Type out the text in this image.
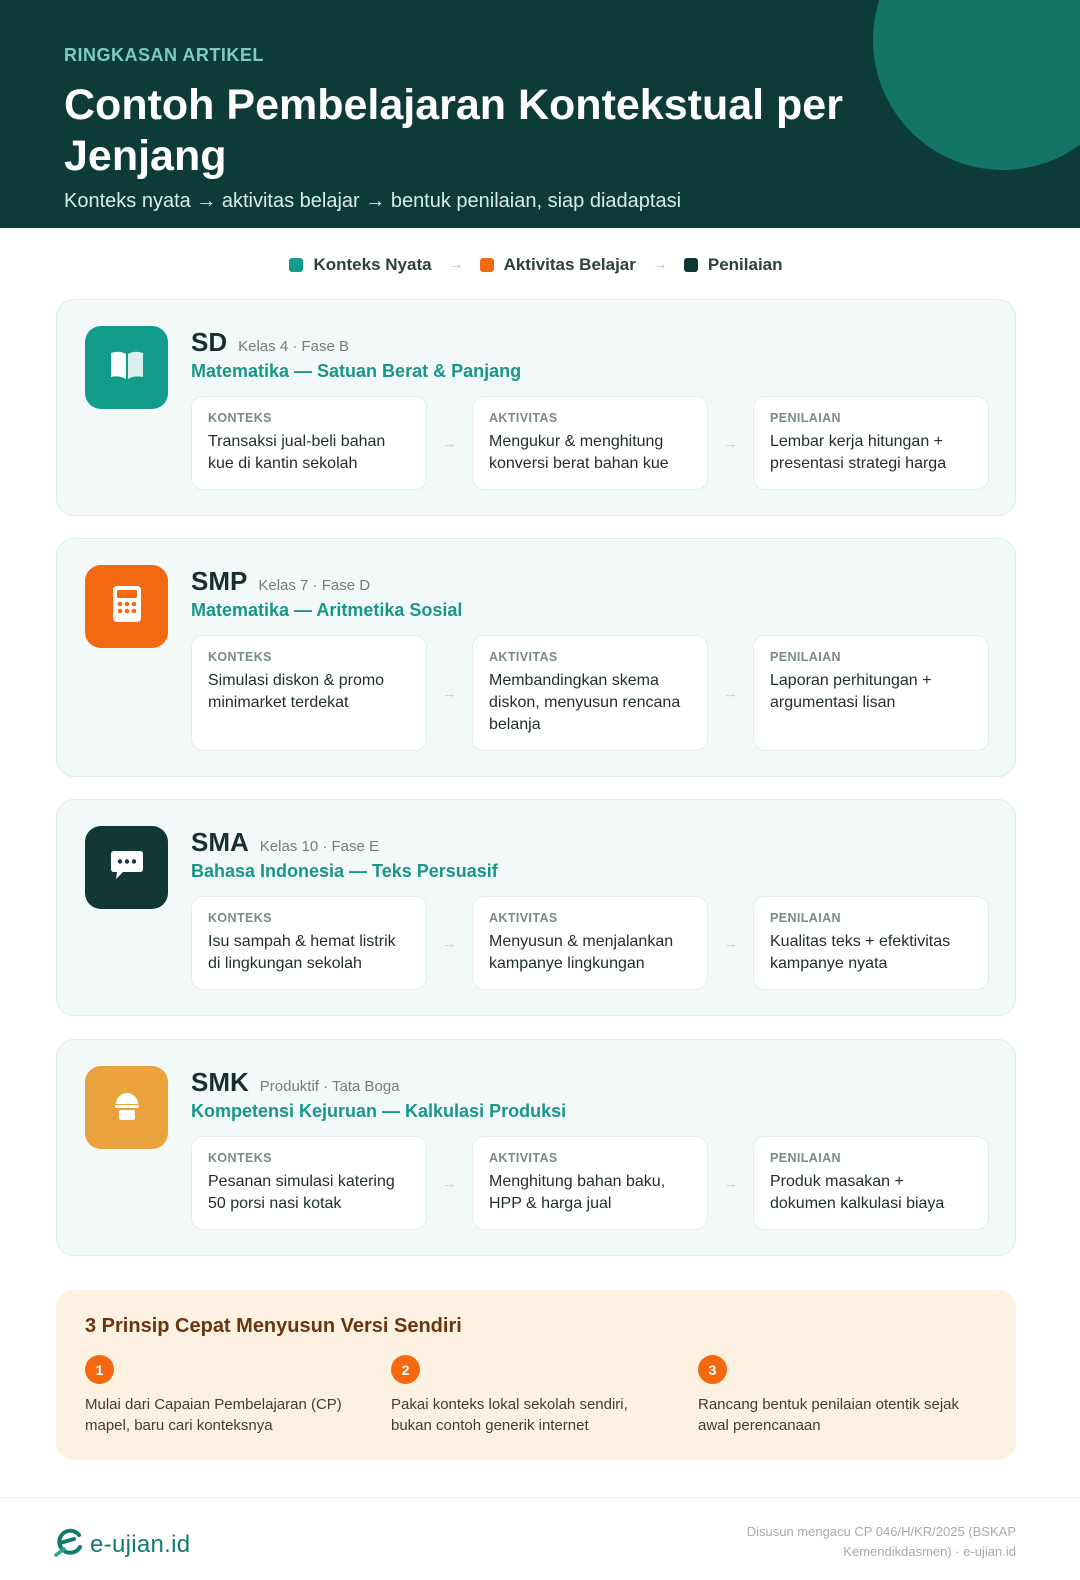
RINGKASAN ARTIKEL
Contoh Pembelajaran Kontekstual per Jenjang
Konteks nyata → aktivitas belajar → bentuk penilaian, siap diadaptasi
Konteks Nyata → Aktivitas Belajar → Penilaian
SD Kelas 4 · Fase B
Matematika — Satuan Berat & Panjang
KONTEKS
Transaksi jual-beli bahan kue di kantin sekolah
→
AKTIVITAS
Mengukur & menghitung konversi berat bahan kue
→
PENILAIAN
Lembar kerja hitungan + presentasi strategi harga
SMP Kelas 7 · Fase D
Matematika — Aritmetika Sosial
KONTEKS
Simulasi diskon & promo minimarket terdekat
→
AKTIVITAS
Membandingkan skema diskon, menyusun rencana belanja
→
PENILAIAN
Laporan perhitungan + argumentasi lisan
SMA Kelas 10 · Fase E
Bahasa Indonesia — Teks Persuasif
KONTEKS
Isu sampah & hemat listrik di lingkungan sekolah
→
AKTIVITAS
Menyusun & menjalankan kampanye lingkungan
→
PENILAIAN
Kualitas teks + efektivitas kampanye nyata
SMK Produktif · Tata Boga
Kompetensi Kejuruan — Kalkulasi Produksi
KONTEKS
Pesanan simulasi katering 50 porsi nasi kotak
→
AKTIVITAS
Menghitung bahan baku, HPP & harga jual
→
PENILAIAN
Produk masakan + dokumen kalkulasi biaya
3 Prinsip Cepat Menyusun Versi Sendiri
1
Mulai dari Capaian Pembelajaran (CP) mapel, baru cari konteksnya
2
Pakai konteks lokal sekolah sendiri, bukan contoh generik internet
3
Rancang bentuk penilaian otentik sejak awal perencanaan
e-ujian.id	Disusun mengacu CP 046/H/KR/2025 (BSKAP Kemendikdasmen) · e-ujian.id
